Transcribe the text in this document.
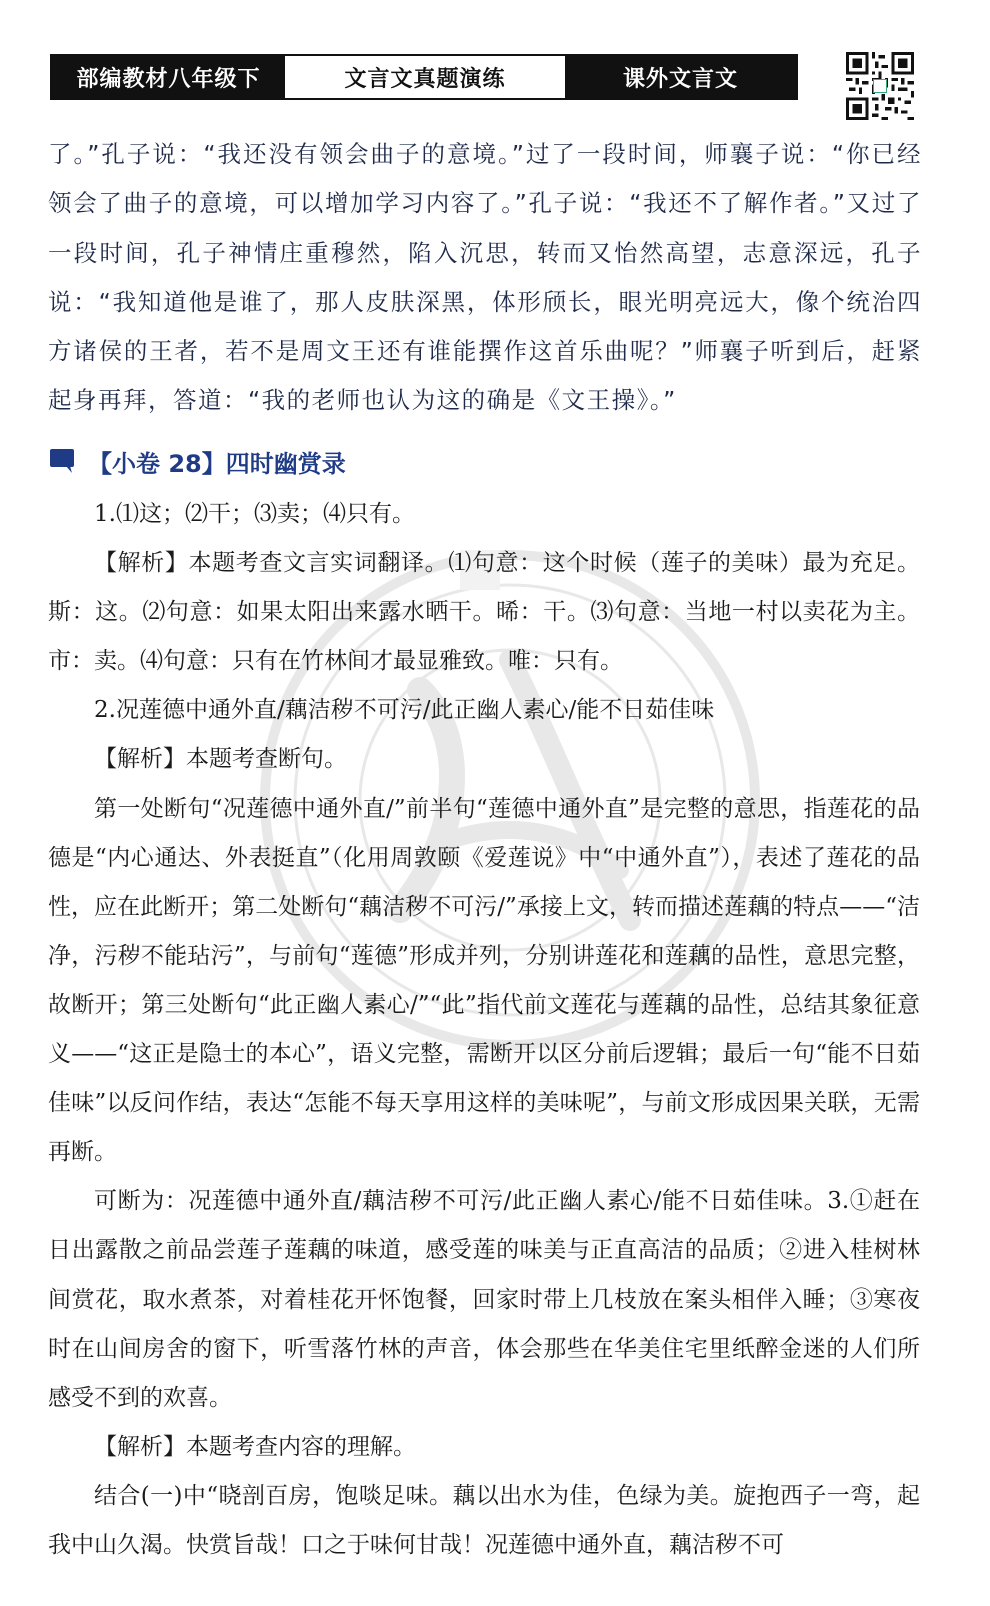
部编教材八年级下	文言文真题演练	课外文言文

了。”孔子说：“我还没有领会曲子的意境。”过了一段时间，师襄子说：“你已经领会了曲子的意境，可以增加学习内容了。”孔子说：“我还不了解作者。”又过了一段时间，孔子神情庄重穆然，陷入沉思，转而又怡然高望，志意深远，孔子说：“我知道他是谁了，那人皮肤深黑，体形颀长，眼光明亮远大，像个统治四方诸侯的王者，若不是周文王还有谁能撰作这首乐曲呢？”师襄子听到后，赶紧起身再拜，答道：“我的老师也认为这的确是《文王操》。”

【小卷 28】四时幽赏录

1.⑴这；⑵干；⑶卖；⑷只有。

【解析】本题考查文言实词翻译。⑴句意：这个时候（莲子的美味）最为充足。斯：这。⑵句意：如果太阳出来露水晒干。晞：干。⑶句意：当地一村以卖花为主。市：卖。⑷句意：只有在竹林间才最显雅致。唯：只有。

2.况莲德中通外直/藕洁秽不可污/此正幽人素心/能不日茹佳味

【解析】本题考查断句。

第一处断句“况莲德中通外直/”前半句“莲德中通外直”是完整的意思，指莲花的品德是“内心通达、外表挺直”（化用周敦颐《爱莲说》中“中通外直”），表述了莲花的品性，应在此断开；第二处断句“藕洁秽不可污/”承接上文，转而描述莲藕的特点——“洁净，污秽不能玷污”，与前句“莲德”形成并列，分别讲莲花和莲藕的品性，意思完整，故断开；第三处断句“此正幽人素心/”“此”指代前文莲花与莲藕的品性，总结其象征意义——“这正是隐士的本心”，语义完整，需断开以区分前后逻辑；最后一句“能不日茹佳味”以反问作结，表达“怎能不每天享用这样的美味呢”，与前文形成因果关联，无需再断。

可断为：况莲德中通外直/藕洁秽不可污/此正幽人素心/能不日茹佳味。3.①赶在日出露散之前品尝莲子莲藕的味道，感受莲的味美与正直高洁的品质；②进入桂树林间赏花，取水煮茶，对着桂花开怀饱餐，回家时带上几枝放在案头相伴入睡；③寒夜时在山间房舍的窗下，听雪落竹林的声音，体会那些在华美住宅里纸醉金迷的人们所感受不到的欢喜。

【解析】本题考查内容的理解。

结合(一)中“晓剖百房，饱啖足味。藕以出水为佳，色绿为美。旋抱西子一弯，起我中山久渴。快赏旨哉！口之于味何甘哉！况莲德中通外直，藕洁秽不可
